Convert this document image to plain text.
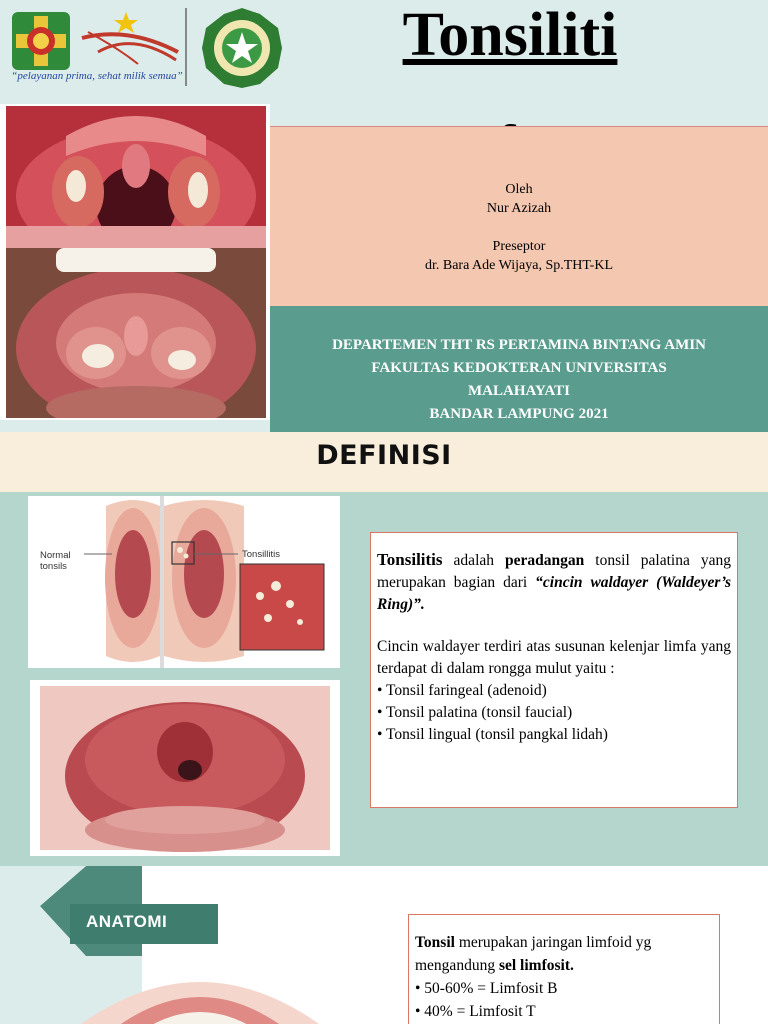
“pelayanan prima, sehat milik semua”
Tonsiliti
Oleh
Nur Azizah
Preseptor
dr. Bara Ade Wijaya, Sp.THT-KL
DEPARTEMEN THT RS PERTAMINA BINTANG AMIN
FAKULTAS KEDOKTERAN UNIVERSITAS
MALAHAYATI
BANDAR LAMPUNG 2021
DEFINISI
Normal tonsils
Tonsillitis	Tonsilitis adalah peradangan tonsil palatina yang merupakan bagian dari “cincin waldayer (Waldeyer’s Ring)”.
Cincin waldayer terdiri atas susunan kelenjar limfa yang terdapat di dalam rongga mulut yaitu :
• Tonsil faringeal (adenoid)
• Tonsil palatina (tonsil faucial)
• Tonsil lingual (tonsil pangkal lidah)
ANATOMI
Tonsil merupakan jaringan limfoid yg mengandung sel limfosit.
• 50-60% = Limfosit B
• 40% = Limfosit T
